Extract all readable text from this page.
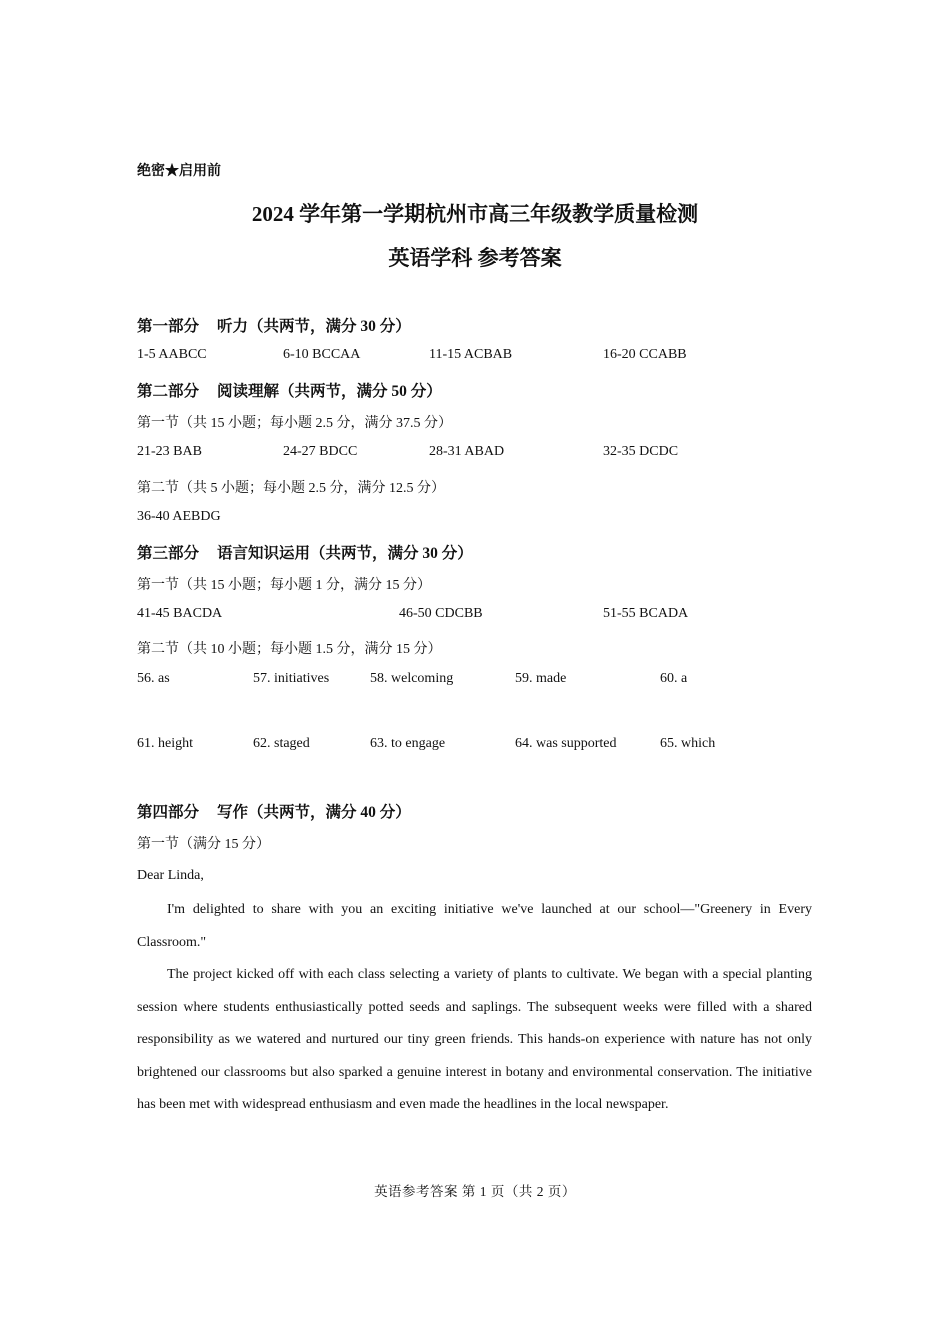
绝密★启用前
2024 学年第一学期杭州市高三年级教学质量检测
英语学科 参考答案
第一部分 听力（共两节，满分 30 分）
1-5 AABCC	6-10 BCCAA	11-15 ACBAB	16-20 CCABB
第二部分 阅读理解（共两节，满分 50 分）
第一节（共 15 小题；每小题 2.5 分，满分 37.5 分）
21-23 BAB	24-27 BDCC	28-31 ABAD	32-35 DCDC
第二节（共 5 小题；每小题 2.5 分，满分 12.5 分）
36-40 AEBDG
第三部分 语言知识运用（共两节，满分 30 分）
第一节（共 15 小题；每小题 1 分，满分 15 分）
41-45 BACDA	46-50 CDCBB	51-55 BCADA
第二节（共 10 小题；每小题 1.5 分，满分 15 分）
56. as	57. initiatives	58. welcoming	59. made	60. a
61. height	62. staged	63. to engage	64. was supported	65. which
第四部分 写作（共两节，满分 40 分）
第一节（满分 15 分）

Dear Linda,

I'm delighted to share with you an exciting initiative we've launched at our school—"Greenery in Every Classroom."

The project kicked off with each class selecting a variety of plants to cultivate. We began with a special planting session where students enthusiastically potted seeds and saplings. The subsequent weeks were filled with a shared responsibility as we watered and nurtured our tiny green friends. This hands-on experience with nature has not only brightened our classrooms but also sparked a genuine interest in botany and environmental conservation. The initiative has been met with widespread enthusiasm and even made the headlines in the local newspaper.

英语参考答案 第 1 页（共 2 页）
